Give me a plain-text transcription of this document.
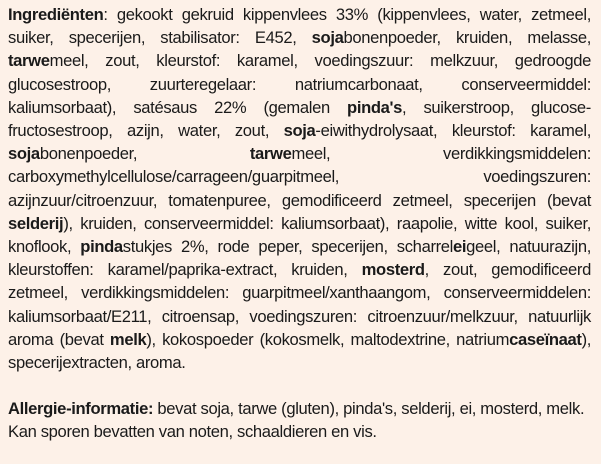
Ingrediënten: gekookt gekruid kippenvlees 33% (kippenvlees, water, zetmeel, suiker, specerijen, stabilisator: E452, sojabonenpoeder, kruiden, melasse, tarwemeel, zout, kleurstof: karamel, voedingszuur: melkzuur, gedroogde glucosestroop, zuurteregelaar: natriumcarbonaat, conserveermiddel: kaliumsorbaat), satésaus 22% (gemalen pinda's, suikerstroop, glucose-fructosestroop, azijn, water, zout, soja-eiwithydrolysaat, kleurstof: karamel, sojabonenpoeder, tarwemeel, verdikkingsmiddelen: carboxymethylcellulose/carrageen/guarpitmeel, voedingszuren: azijnzuur/citroenzuur, tomatenpuree, gemodificeerd zetmeel, specerijen (bevat selderij), kruiden, conserveermiddel: kaliumsorbaat), raapolie, witte kool, suiker, knoflook, pindastukjes 2%, rode peper, specerijen, scharreleigeel, natuurazijn, kleurstoffen: karamel/paprika-extract, kruiden, mosterd, zout, gemodificeerd zetmeel, verdikkingsmiddelen: guarpitmeel/xanthaangom, conserveermiddelen: kaliumsorbaat/E211, citroensap, voedingszuren: citroenzuur/melkzuur, natuurlijk aroma (bevat melk), kokospoeder (kokosmelk, maltodextrine, natriumcaseïnaat), specerijextracten, aroma.

Allergie-informatie: bevat soja, tarwe (gluten), pinda's, selderij, ei, mosterd, melk.

Kan sporen bevatten van noten, schaaldieren en vis.
